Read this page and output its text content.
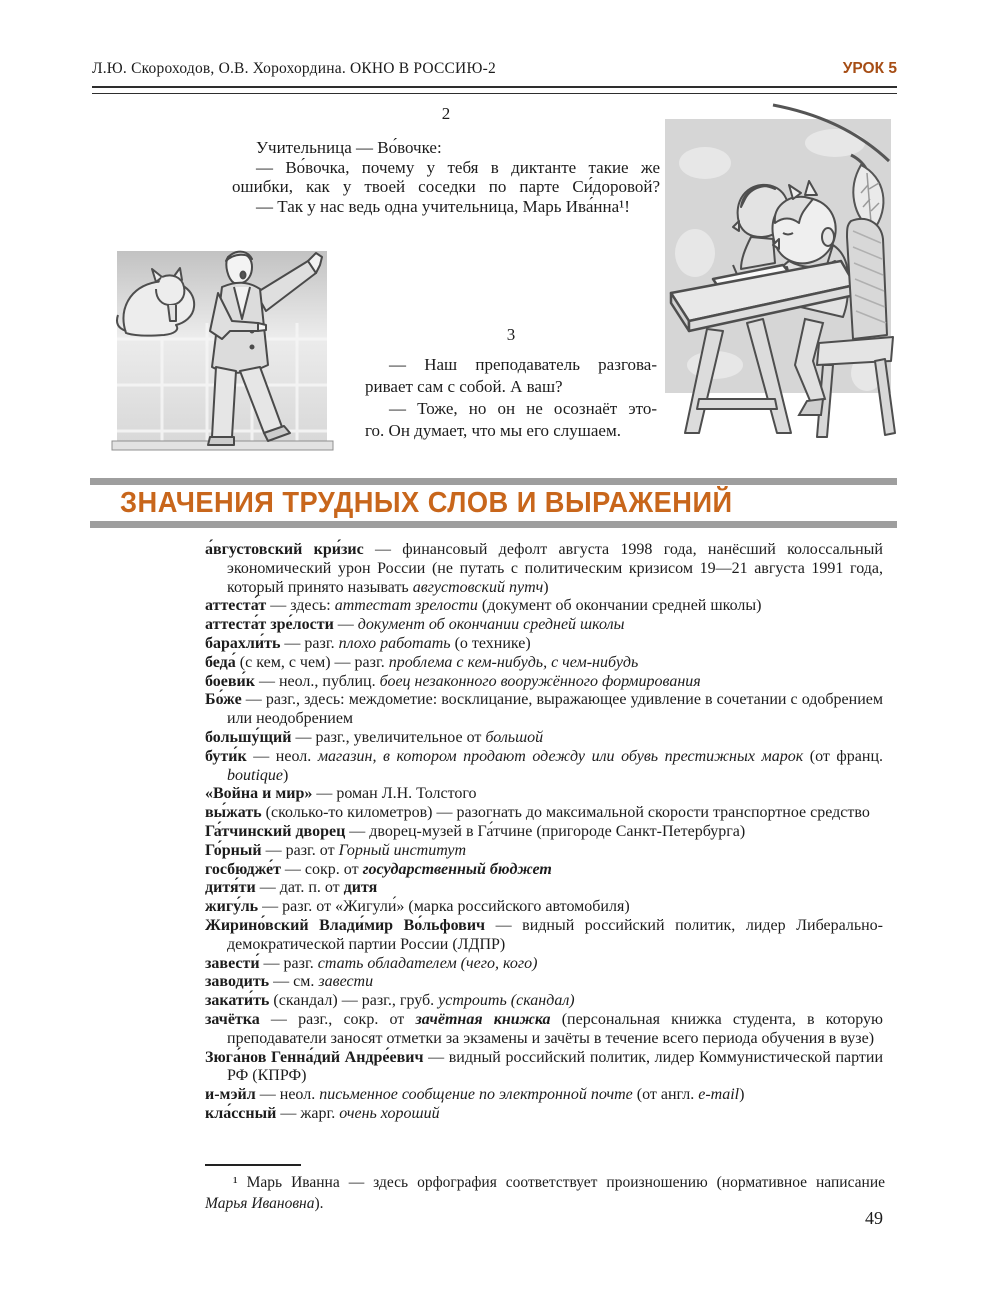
Л.Ю. Скороходов, О.В. Хорохордина. ОКНО В РОССИЮ-2	УРОК 5
2
Учительница — Во́вочке:
— Во́вочка, почему у тебя в диктанте такие же
ошибки, как у твоей соседки по парте Си́доровой?
— Так у нас ведь одна учительница, Марь Ива́нна¹!
3
— Наш преподаватель разгова-
ривает сам с собой. А ваш?
— Тоже, но он не осознаёт это-
го. Он думает, что мы его слушаем.
ЗНАЧЕНИЯ ТРУДНЫХ СЛОВ И ВЫРАЖЕНИЙ
а́вгустовский кри́зис — финансовый дефолт августа 1998 года, нанёсший колоссальный экономический урон России (не путать с политическим кризисом 19—21 августа 1991 года, который принято называть августовский путч)
аттеста́т — здесь: аттестат зрелости (документ об окончании средней школы)
аттеста́т зре́лости — документ об окончании средней школы
барахли́ть — разг. плохо работать (о технике)
беда́ (с кем, с чем) — разг. проблема с кем-нибудь, с чем-нибудь
боеви́к — неол., публиц. боец незаконного вооружённого формирования
Бо́же — разг., здесь: междометие: восклицание, выражающее удивление в сочетании с одобрением или неодобрением
большу́щий — разг., увеличительное от большой
бути́к — неол. магазин, в котором продают одежду или обувь престижных марок (от франц. boutique)
«Война и мир» — роман Л.Н. Толстого
вы́жать (сколько-то километров) — разогнать до максимальной скорости транспортное средство
Га́тчинский дворец — дворец-музей в Га́тчине (пригороде Санкт-Петербурга)
Го́рный — разг. от Горный институт
госбюдже́т — сокр. от государственный бюджет
дитя́ти — дат. п. от дитя
жигу́ль — разг. от «Жигули́» (марка российского автомобиля)
Жирино́вский Влади́мир Во́льфович — видный российский политик, лидер Либерально-демократической партии России (ЛДПР)
завести́ — разг. стать обладателем (чего, кого)
заводить — см. завести
закати́ть (скандал) — разг., груб. устроить (скандал)
зачётка — разг., сокр. от зачётная книжка (персональная книжка студента, в которую преподаватели заносят отметки за экзамены и зачёты в течение всего периода обучения в вузе)
Зюга́нов Генна́дий Андре́евич — видный российский политик, лидер Коммунистической партии РФ (КПРФ)
и-мэйл — неол. письменное сообщение по электронной почте (от англ. e-mail)
кла́ссный — жарг. очень хороший
¹ Марь Иванна — здесь орфография соответствует произношению (нормативное написание Марья Ивановна).
49
